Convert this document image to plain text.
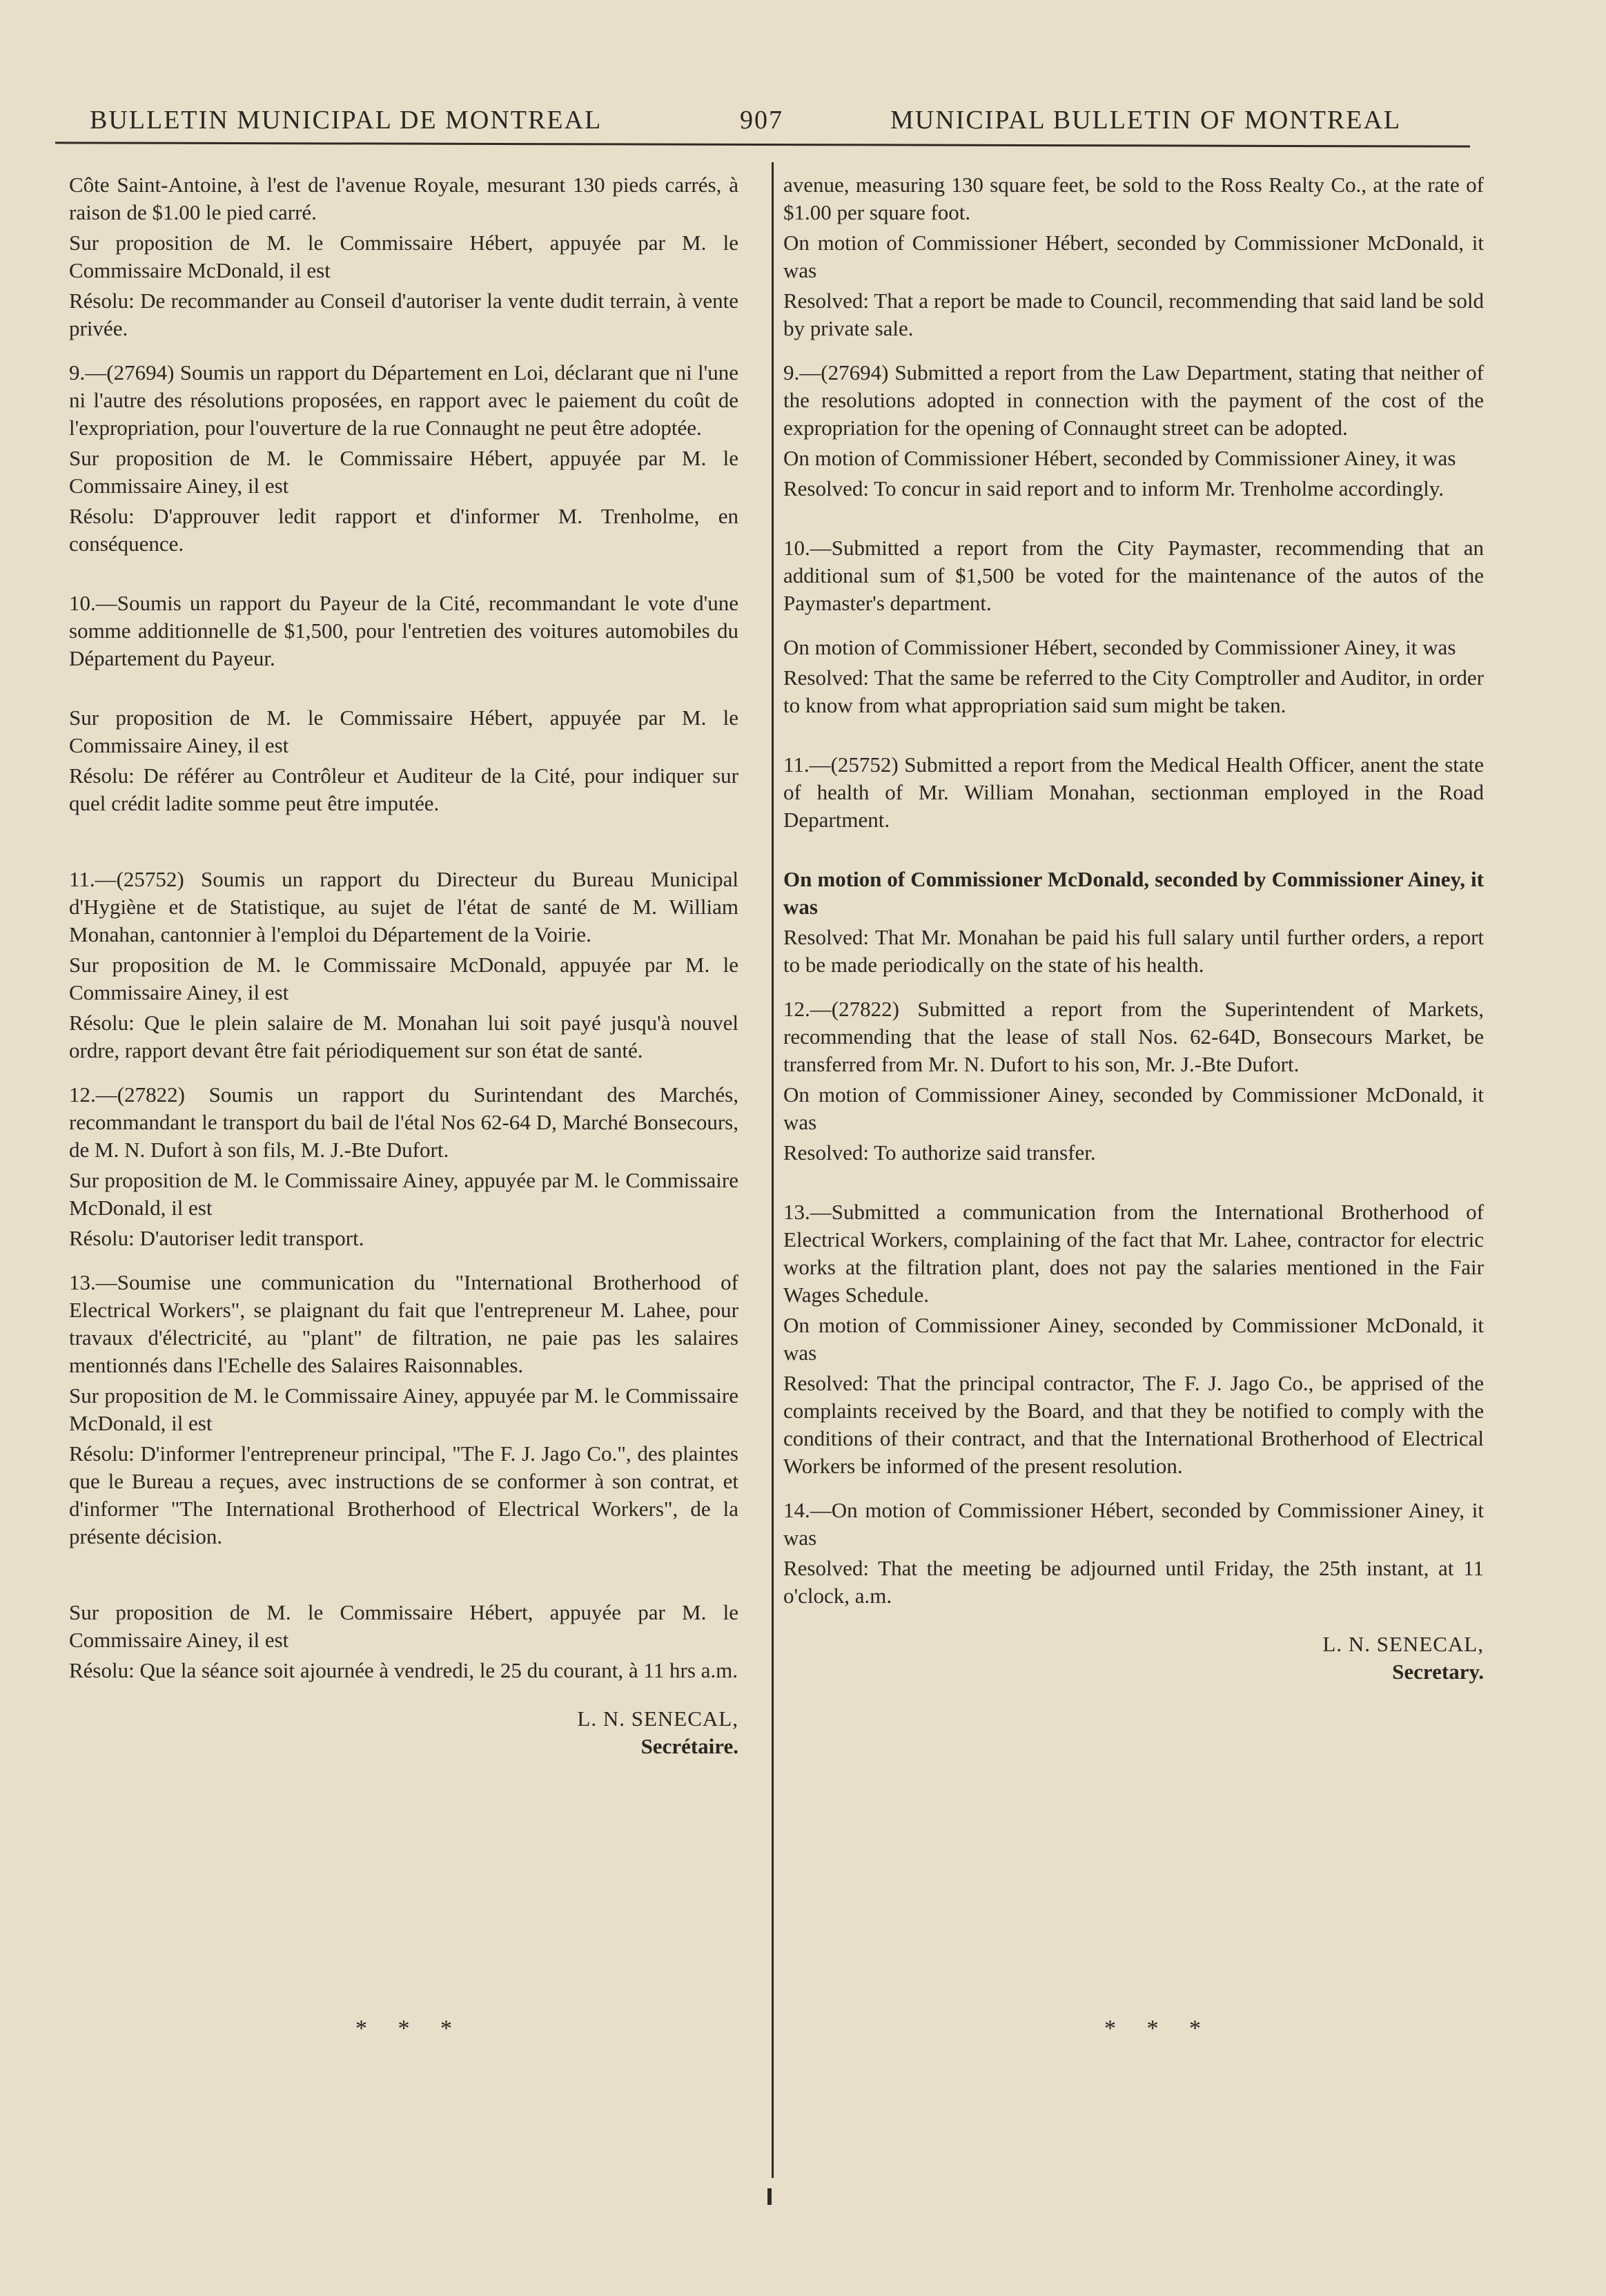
BULLETIN MUNICIPAL DE MONTREAL	907	MUNICIPAL BULLETIN OF MONTREAL

Côte Saint-Antoine, à l'est de l'avenue Royale, mesurant 130 pieds carrés, à raison de $1.00 le pied carré.

Sur proposition de M. le Commissaire Hébert, appuyée par M. le Commissaire McDonald, il est

Résolu: De recommander au Conseil d'autoriser la vente dudit terrain, à vente privée.

9.—(27694) Soumis un rapport du Département en Loi, déclarant que ni l'une ni l'autre des résolutions proposées, en rapport avec le paiement du coût de l'expropriation, pour l'ouverture de la rue Connaught ne peut être adoptée.

Sur proposition de M. le Commissaire Hébert, appuyée par M. le Commissaire Ainey, il est

Résolu: D'approuver ledit rapport et d'informer M. Trenholme, en conséquence.

10.—Soumis un rapport du Payeur de la Cité, recommandant le vote d'une somme additionnelle de $1,500, pour l'entretien des voitures automobiles du Département du Payeur.

Sur proposition de M. le Commissaire Hébert, appuyée par M. le Commissaire Ainey, il est

Résolu: De référer au Contrôleur et Auditeur de la Cité, pour indiquer sur quel crédit ladite somme peut être imputée.

11.—(25752) Soumis un rapport du Directeur du Bureau Municipal d'Hygiène et de Statistique, au sujet de l'état de santé de M. William Monahan, cantonnier à l'emploi du Département de la Voirie.

Sur proposition de M. le Commissaire McDonald, appuyée par M. le Commissaire Ainey, il est

Résolu: Que le plein salaire de M. Monahan lui soit payé jusqu'à nouvel ordre, rapport devant être fait périodiquement sur son état de santé.

12.—(27822) Soumis un rapport du Surintendant des Marchés, recommandant le transport du bail de l'étal Nos 62-64 D, Marché Bonsecours, de M. N. Dufort à son fils, M. J.-Bte Dufort.

Sur proposition de M. le Commissaire Ainey, appuyée par M. le Commissaire McDonald, il est

Résolu: D'autoriser ledit transport.

13.—Soumise une communication du "International Brotherhood of Electrical Workers", se plaignant du fait que l'entrepreneur M. Lahee, pour travaux d'électricité, au "plant" de filtration, ne paie pas les salaires mentionnés dans l'Echelle des Salaires Raisonnables.

Sur proposition de M. le Commissaire Ainey, appuyée par M. le Commissaire McDonald, il est

Résolu: D'informer l'entrepreneur principal, "The F. J. Jago Co.", des plaintes que le Bureau a reçues, avec instructions de se conformer à son contrat, et d'informer "The International Brotherhood of Electrical Workers", de la présente décision.

Sur proposition de M. le Commissaire Hébert, appuyée par M. le Commissaire Ainey, il est

Résolu: Que la séance soit ajournée à vendredi, le 25 du courant, à 11 hrs a.m.

L. N. SENECAL,
Secrétaire.

avenue, measuring 130 square feet, be sold to the Ross Realty Co., at the rate of $1.00 per square foot.

On motion of Commissioner Hébert, seconded by Commissioner McDonald, it was

Resolved: That a report be made to Council, recommending that said land be sold by private sale.

9.—(27694) Submitted a report from the Law Department, stating that neither of the resolutions adopted in connection with the payment of the cost of the expropriation for the opening of Connaught street can be adopted.

On motion of Commissioner Hébert, seconded by Commissioner Ainey, it was

Resolved: To concur in said report and to inform Mr. Trenholme accordingly.

10.—Submitted a report from the City Paymaster, recommending that an additional sum of $1,500 be voted for the maintenance of the autos of the Paymaster's department.

On motion of Commissioner Hébert, seconded by Commissioner Ainey, it was

Resolved: That the same be referred to the City Comptroller and Auditor, in order to know from what appropriation said sum might be taken.

11.—(25752) Submitted a report from the Medical Health Officer, anent the state of health of Mr. William Monahan, sectionman employed in the Road Department.

On motion of Commissioner McDonald, seconded by Commissioner Ainey, it was

Resolved: That Mr. Monahan be paid his full salary until further orders, a report to be made periodically on the state of his health.

12.—(27822) Submitted a report from the Superintendent of Markets, recommending that the lease of stall Nos. 62-64D, Bonsecours Market, be transferred from Mr. N. Dufort to his son, Mr. J.-Bte Dufort.

On motion of Commissioner Ainey, seconded by Commissioner McDonald, it was

Resolved: To authorize said transfer.

13.—Submitted a communication from the International Brotherhood of Electrical Workers, complaining of the fact that Mr. Lahee, contractor for electric works at the filtration plant, does not pay the salaries mentioned in the Fair Wages Schedule.

On motion of Commissioner Ainey, seconded by Commissioner McDonald, it was

Resolved: That the principal contractor, The F. J. Jago Co., be apprised of the complaints received by the Board, and that they be notified to comply with the conditions of their contract, and that the International Brotherhood of Electrical Workers be informed of the present resolution.

14.—On motion of Commissioner Hébert, seconded by Commissioner Ainey, it was

Resolved: That the meeting be adjourned until Friday, the 25th instant, at 11 o'clock, a.m.

L. N. SENECAL,
Secretary.
* * *	* * *
